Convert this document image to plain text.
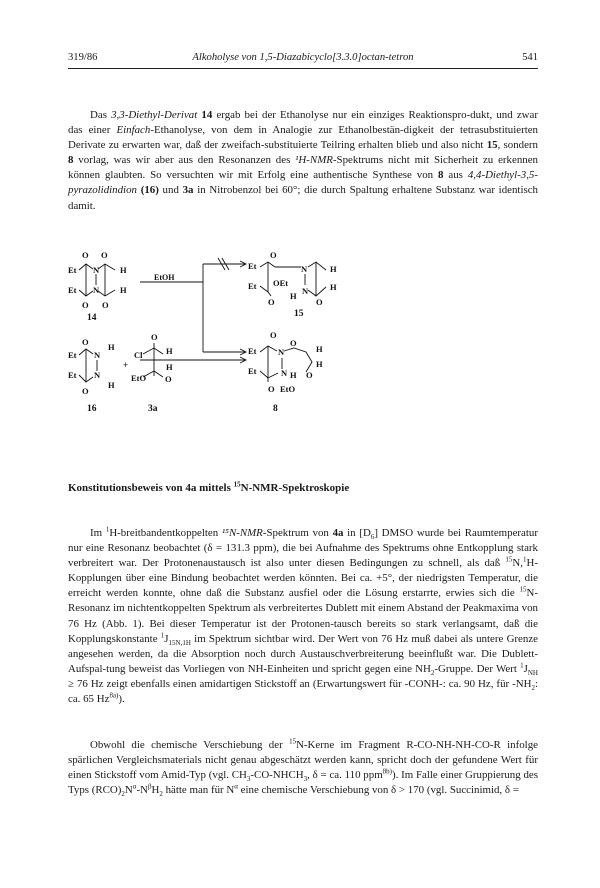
319/86	Alkoholyse von 1,5-Diazabicyclo[3.3.0]octan-tetron	541

Das 3,3-Diethyl-Derivat 14 ergab bei der Ethanolyse nur ein einziges Reaktionspro-dukt, und zwar das einer Einfach-Ethanolyse, von dem in Analogie zur Ethanolbestän-digkeit der tetrasubstituierten Derivate zu erwarten war, daß der zweifach-substituierte Teilring erhalten blieb und also nicht 15, sondern 8 vorlag, was wir aber aus den Resonanzen des ¹H-NMR-Spektrums nicht mit Sicherheit zu erkennen können glaubten. So versuchten wir mit Erfolg eine authentische Synthese von 8 aus 4,4-Diethyl-3,5-pyrazolidindion (16) und 3a in Nitrobenzol bei 60°; die durch Spaltung erhaltene Substanz war identisch damit.

O O
Et
Et
N
N
H
H
O O
14
EtOH
O
Et
Et OEt
O
H
N
N
H
H
O
15
O H
Et
Et
N
N
H
O
16
+
O
Cl	H
H
EtO O
3a
O
Et
Et
N
N
O
H
H
H O
O EtO
8

Konstitutionsbeweis von 4a mittels $^{15}$N-NMR-Spektroskopie

Im $^1$H-breitbandentkoppelten ¹⁵N-NMR-Spektrum von 4a in $[D_6]$ DMSO wurde bei Raumtemperatur nur eine Resonanz beobachtet (δ = 131.3 ppm), die bei Aufnahme des Spektrums ohne Entkopplung stark verbreitert war. Der Protonenaustausch ist also unter diesen Bedingungen zu schnell, als daß $^{15}$N,$^1$H-Kopplungen über eine Bindung beobachtet werden könnten. Bei ca. +5°, der niedrigsten Temperatur, die erreicht werden konnte, ohne daß die Substanz ausfiel oder die Lösung erstarrte, erwies sich die $^{15}$N-Resonanz im nichtentkoppelten Spektrum als verbreitertes Dublett mit einem Abstand der Peakmaxima von 76 Hz (Abb. 1). Bei dieser Temperatur ist der Protonen-tausch bereits so stark verlangsamt, daß die Kopplungskonstante $^1J_{15N,1H}$ im Spektrum sichtbar wird. Der Wert von 76 Hz muß dabei als untere Grenze angesehen werden, da die Absorption noch durch Austauschverbreiterung beeinflußt war. Die Dublett-Aufspal-tung beweist das Vorliegen von NH-Einheiten und spricht gegen eine $NH_2$-Gruppe. Der Wert $^1J_{NH} \ge 76$ Hz zeigt ebenfalls einen amidartigen Stickstoff an (Erwartungswert für -CONH-: ca. 90 Hz, für $-NH_2$: ca. 65 $Hz^{8a)}$).

Obwohl die chemische Verschiebung der $^{15}$N-Kerne im Fragment R-CO-NH-NH-CO-R infolge spärlichen Vergleichsmaterials nicht genau abgeschätzt werden kann, spricht doch der gefundene Wert für einen Stickstoff vom Amid-Typ (vgl. $CH_3-CO-NHCH_3$, δ = ca. 110 ppm$^{8b)}$). Im Falle einer Gruppierung des Typs $(RCO)_2N^\alpha-N^\beta H_2$ hätte man für $N^\alpha$ eine chemische Verschiebung von δ > 170 (vgl. Succinimid, δ =
